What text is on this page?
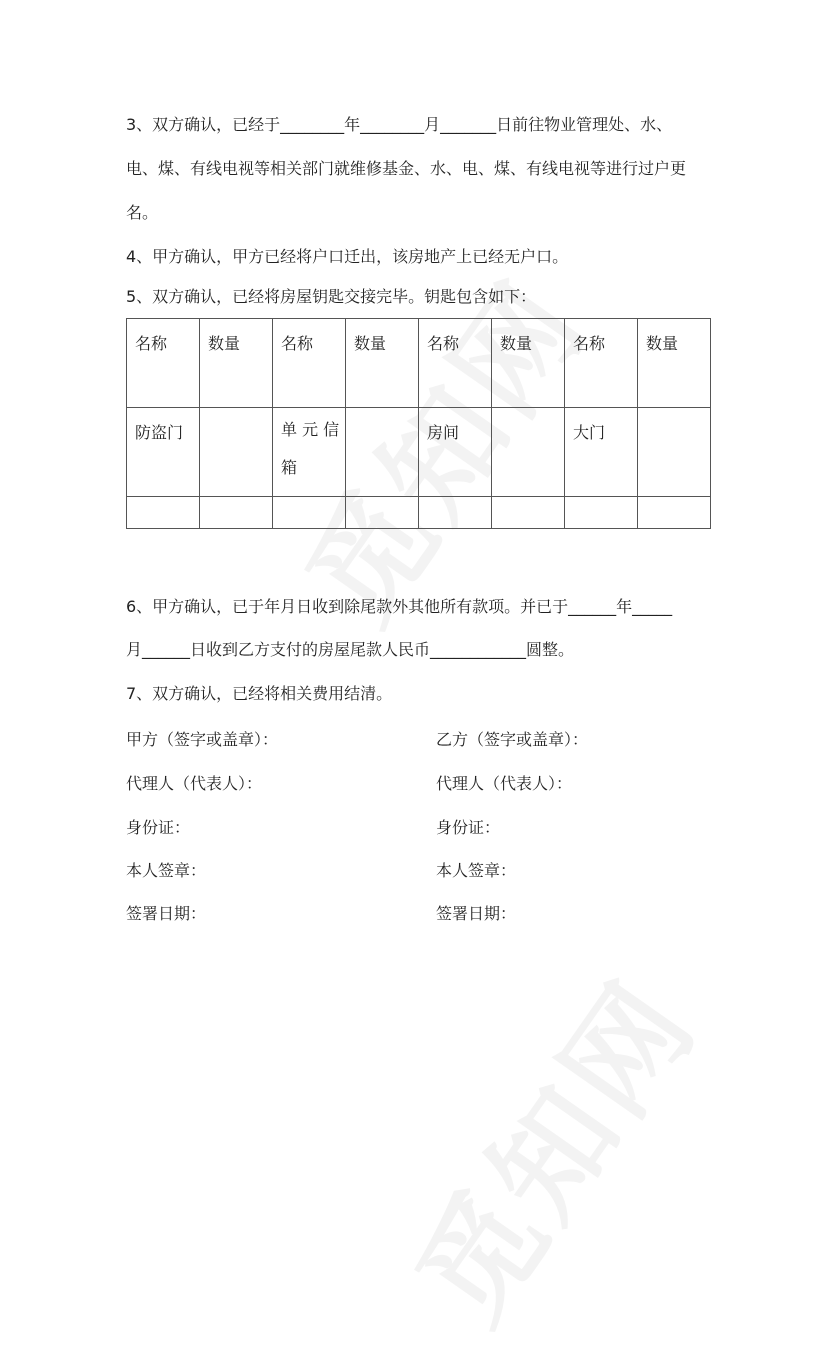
3、双方确认，已经于________年________月_______日前往物业管理处、水、
电、煤、有线电视等相关部门就维修基金、水、电、煤、有线电视等进行过户更
名。
4、甲方确认，甲方已经将户口迁出，该房地产上已经无户口。
5、双方确认，已经将房屋钥匙交接完毕。钥匙包含如下：
名称	数量	名称	数量	名称	数量	名称	数量
防盗门		单 元 信 箱		房间		大门	

6、甲方确认，已于年月日收到除尾款外其他所有款项。并已于______年_____
月______日收到乙方支付的房屋尾款人民币____________圆整。
7、双方确认，已经将相关费用结清。
甲方（签字或盖章）：
代理人（代表人）：
身份证：
本人签章：
签署日期：
乙方（签字或盖章）：
代理人（代表人）：
身份证：
本人签章：
签署日期：
